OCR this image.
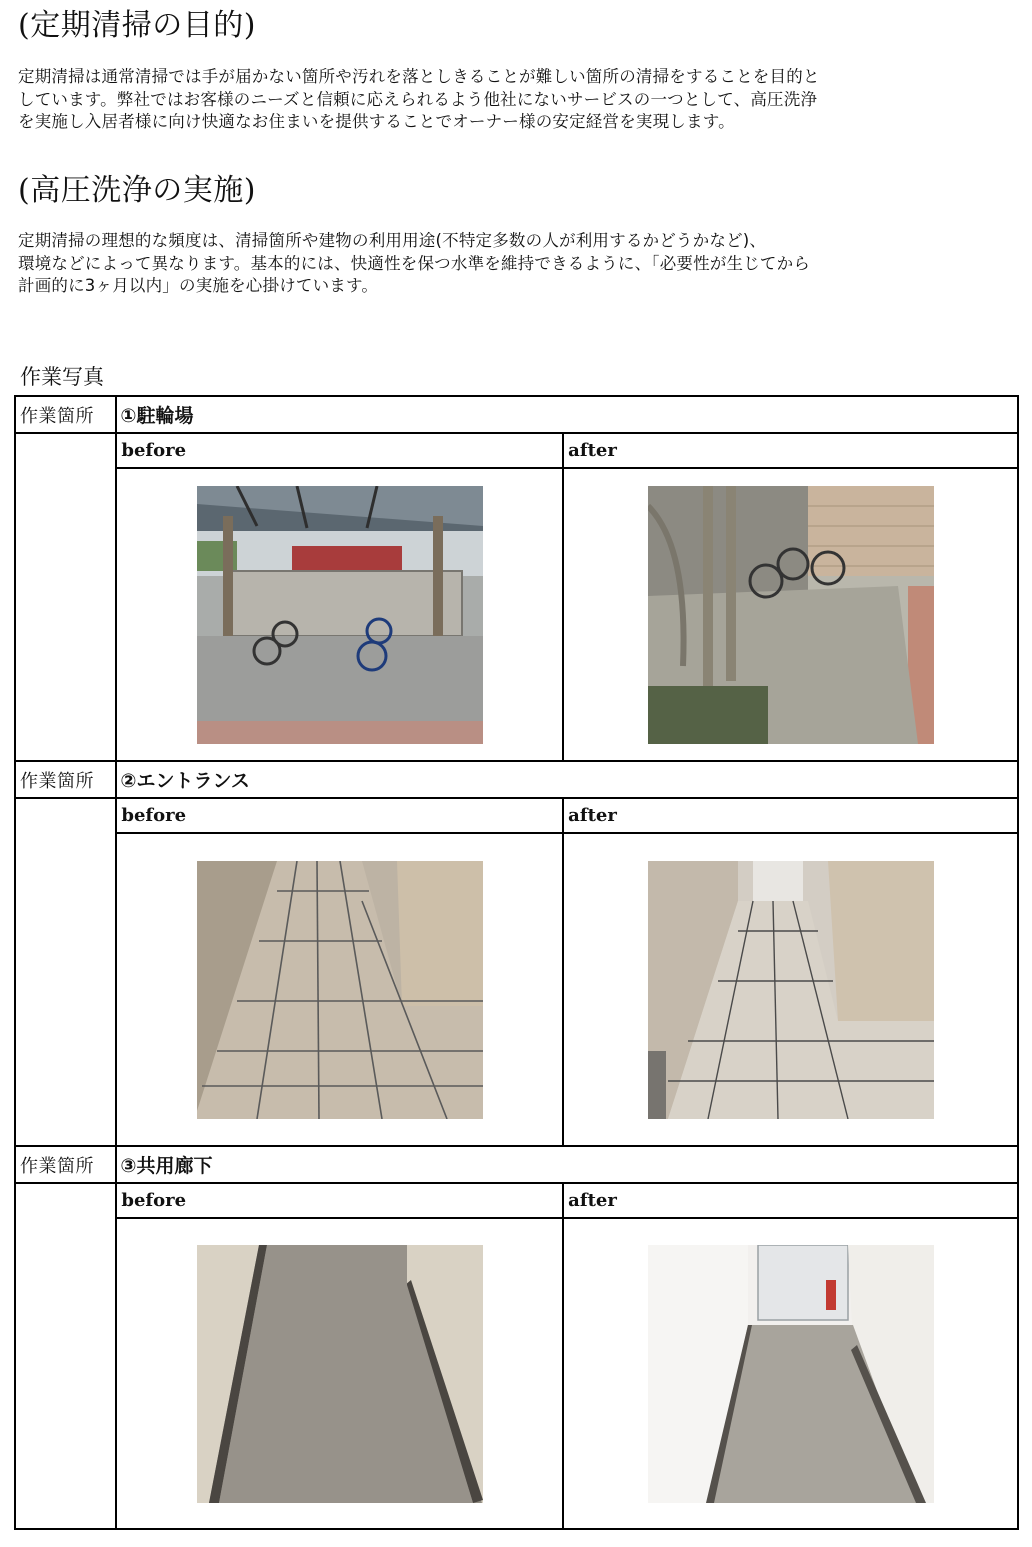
(定期清掃の目的)

定期清掃は通常清掃では手が届かない箇所や汚れを落としきることが難しい箇所の清掃をすることを目的と
しています。弊社ではお客様のニーズと信頼に応えられるよう他社にないサービスの一つとして、高圧洗浄
を実施し入居者様に向け快適なお住まいを提供することでオーナー様の安定経営を実現します。

(高圧洗浄の実施)

定期清掃の理想的な頻度は、清掃箇所や建物の利用用途(不特定多数の人が利用するかどうかなど)、
環境などによって異なります。基本的には、快適性を保つ水準を維持できるように、「必要性が生じてから
計画的に3ヶ月以内」の実施を心掛けています。

作業写真

作業箇所	①駐輪場	
	before	after

作業箇所	②エントランス	
	before	after

作業箇所	③共用廊下	
	before	after
